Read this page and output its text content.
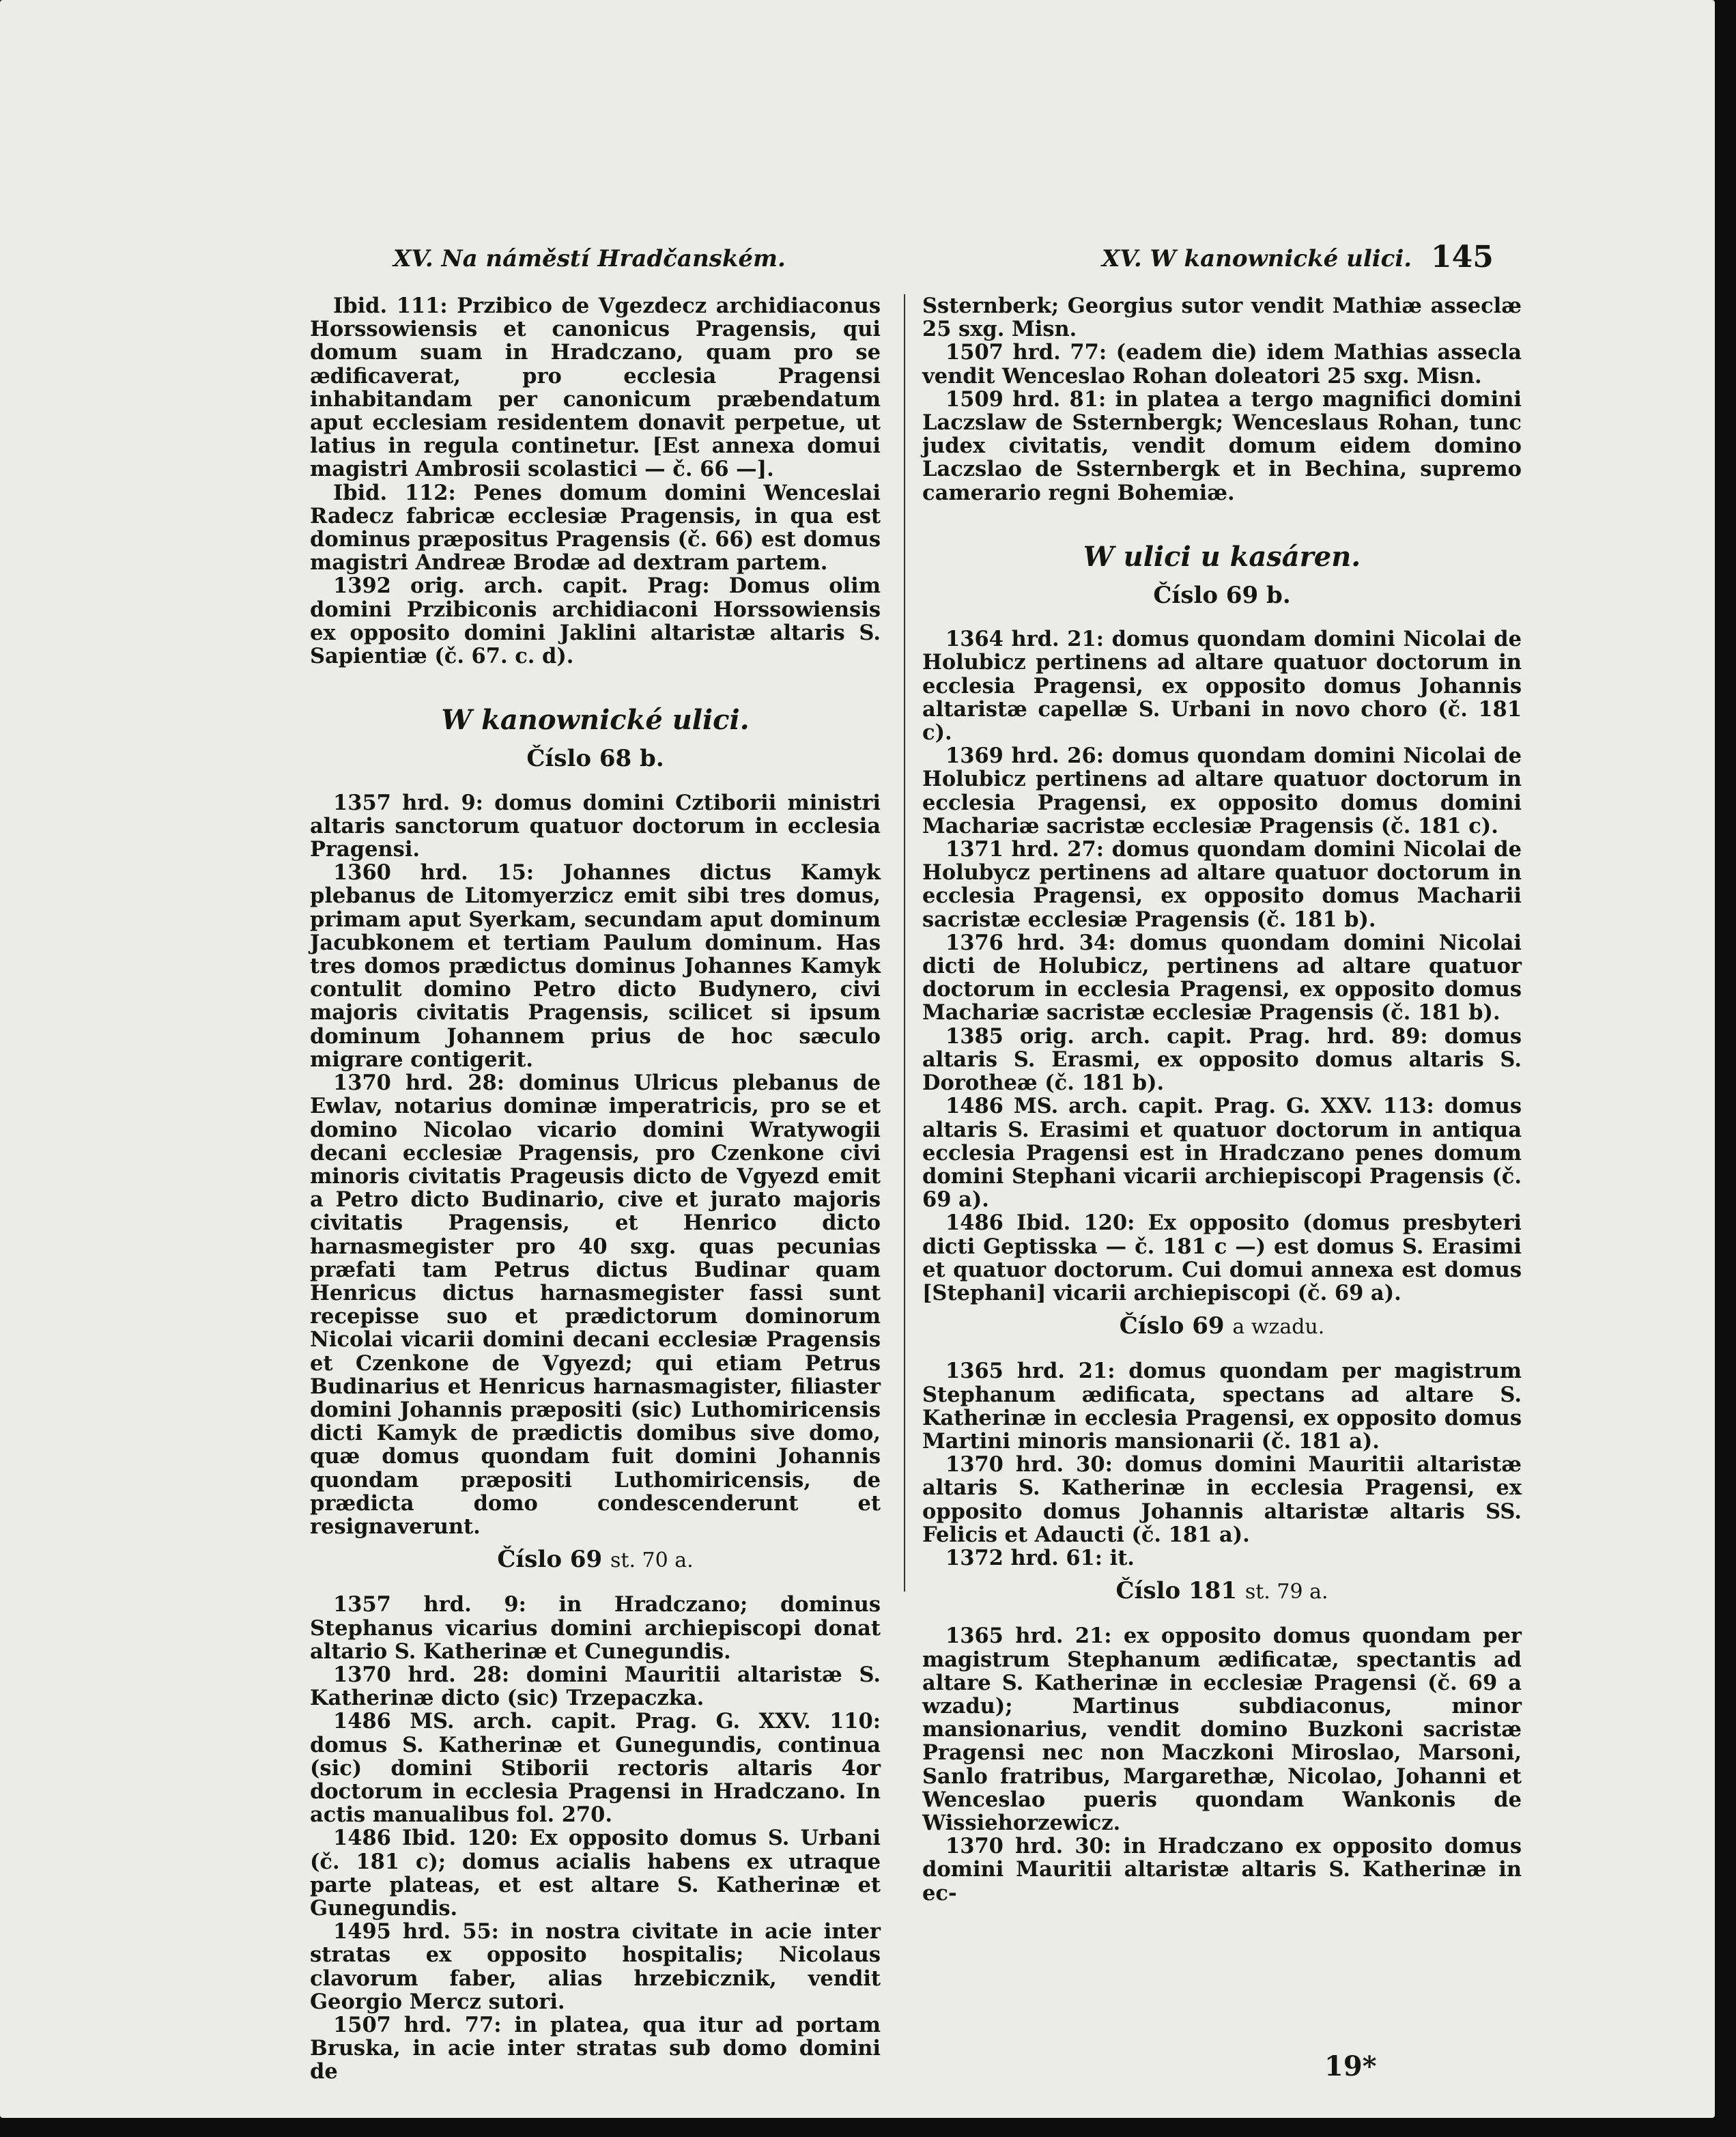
XV. Na náměstí Hradčanském.	XV. W kanownické ulici. 145

Ibid. 111: Przibico de Vgezdecz archidiaconus Horssowiensis et canonicus Pragensis, qui domum suam in Hradczano, quam pro se ædificaverat, pro ecclesia Pragensi inhabitandam per canonicum præbendatum aput ecclesiam residentem donavit perpetue, ut latius in regula continetur. [Est annexa domui magistri Ambrosii scolastici — č. 66 —].

Ibid. 112: Penes domum domini Wenceslai Radecz fabricæ ecclesiæ Pragensis, in qua est dominus præpositus Pragensis (č. 66) est domus magistri Andreæ Brodæ ad dextram partem.

1392 orig. arch. capit. Prag: Domus olim domini Przibiconis archidiaconi Horssowiensis ex opposito domini Jaklini altaristæ altaris S. Sapientiæ (č. 67. c. d).

W kanownické ulici.
Číslo 68 b.

1357 hrd. 9: domus domini Cztiborii ministri altaris sanctorum quatuor doctorum in ecclesia Pragensi.

1360 hrd. 15: Johannes dictus Kamyk plebanus de Litomyerzicz emit sibi tres domus, primam aput Syerkam, secundam aput dominum Jacubkonem et tertiam Paulum dominum. Has tres domos prædictus dominus Johannes Kamyk contulit domino Petro dicto Budynero, civi majoris civitatis Pragensis, scilicet si ipsum dominum Johannem prius de hoc sæculo migrare contigerit.

1370 hrd. 28: dominus Ulricus plebanus de Ewlav, notarius dominæ imperatricis, pro se et domino Nicolao vicario domini Wratywogii decani ecclesiæ Pragensis, pro Czenkone civi minoris civitatis Prageusis dicto de Vgyezd emit a Petro dicto Budinario, cive et jurato majoris civitatis Pragensis, et Henrico dicto harnasmegister pro 40 sxg. quas pecunias præfati tam Petrus dictus Budinar quam Henricus dictus harnasmegister fassi sunt recepisse suo et prædictorum dominorum Nicolai vicarii domini decani ecclesiæ Pragensis et Czenkone de Vgyezd; qui etiam Petrus Budinarius et Henricus harnasmagister, filiaster domini Johannis præpositi (sic) Luthomiricensis dicti Kamyk de prædictis domibus sive domo, quæ domus quondam fuit domini Johannis quondam præpositi Luthomiricensis, de prædicta domo condescenderunt et resignaverunt.

Číslo 69 st. 70 a.

1357 hrd. 9: in Hradczano; dominus Stephanus vicarius domini archiepiscopi donat altario S. Katherinæ et Cunegundis.

1370 hrd. 28: domini Mauritii altaristæ S. Katherinæ dicto (sic) Trzepaczka.

1486 MS. arch. capit. Prag. G. XXV. 110: domus S. Katherinæ et Gunegundis, continua (sic) domini Stiborii rectoris altaris 4or doctorum in ecclesia Pragensi in Hradczano. In actis manualibus fol. 270.

1486 Ibid. 120: Ex opposito domus S. Urbani (č. 181 c); domus acialis habens ex utraque parte plateas, et est altare S. Katherinæ et Gunegundis.

1495 hrd. 55: in nostra civitate in acie inter stratas ex opposito hospitalis; Nicolaus clavorum faber, alias hrzebicznik, vendit Georgio Mercz sutori.

1507 hrd. 77: in platea, qua itur ad portam Bruska, in acie inter stratas sub domo domini de

Ssternberk; Georgius sutor vendit Mathiæ asseclæ 25 sxg. Misn.

1507 hrd. 77: (eadem die) idem Mathias assecla vendit Wenceslao Rohan doleatori 25 sxg. Misn.

1509 hrd. 81: in platea a tergo magnifici domini Laczslaw de Ssternbergk; Wenceslaus Rohan, tunc judex civitatis, vendit domum eidem domino Laczslao de Ssternbergk et in Bechina, supremo camerario regni Bohemiæ.

W ulici u kasáren.
Číslo 69 b.

1364 hrd. 21: domus quondam domini Nicolai de Holubicz pertinens ad altare quatuor doctorum in ecclesia Pragensi, ex opposito domus Johannis altaristæ capellæ S. Urbani in novo choro (č. 181 c).

1369 hrd. 26: domus quondam domini Nicolai de Holubicz pertinens ad altare quatuor doctorum in ecclesia Pragensi, ex opposito domus domini Machariæ sacristæ ecclesiæ Pragensis (č. 181 c).

1371 hrd. 27: domus quondam domini Nicolai de Holubycz pertinens ad altare quatuor doctorum in ecclesia Pragensi, ex opposito domus Macharii sacristæ ecclesiæ Pragensis (č. 181 b).

1376 hrd. 34: domus quondam domini Nicolai dicti de Holubicz, pertinens ad altare quatuor doctorum in ecclesia Pragensi, ex opposito domus Machariæ sacristæ ecclesiæ Pragensis (č. 181 b).

1385 orig. arch. capit. Prag. hrd. 89: domus altaris S. Erasmi, ex opposito domus altaris S. Dorotheæ (č. 181 b).

1486 MS. arch. capit. Prag. G. XXV. 113: domus altaris S. Erasimi et quatuor doctorum in antiqua ecclesia Pragensi est in Hradczano penes domum domini Stephani vicarii archiepiscopi Pragensis (č. 69 a).

1486 Ibid. 120: Ex opposito (domus presbyteri dicti Geptisska — č. 181 c —) est domus S. Erasimi et quatuor doctorum. Cui domui annexa est domus [Stephani] vicarii archiepiscopi (č. 69 a).

Číslo 69 a wzadu.

1365 hrd. 21: domus quondam per magistrum Stephanum ædificata, spectans ad altare S. Katherinæ in ecclesia Pragensi, ex opposito domus Martini minoris mansionarii (č. 181 a).

1370 hrd. 30: domus domini Mauritii altaristæ altaris S. Katherinæ in ecclesia Pragensi, ex opposito domus Johannis altaristæ altaris SS. Felicis et Adaucti (č. 181 a).

1372 hrd. 61: it.

Číslo 181 st. 79 a.

1365 hrd. 21: ex opposito domus quondam per magistrum Stephanum ædificatæ, spectantis ad altare S. Katherinæ in ecclesiæ Pragensi (č. 69 a wzadu); Martinus subdiaconus, minor mansionarius, vendit domino Buzkoni sacristæ Pragensi nec non Maczkoni Miroslao, Marsoni, Sanlo fratribus, Margarethæ, Nicolao, Johanni et Wenceslao pueris quondam Wankonis de Wissiehorzewicz.

1370 hrd. 30: in Hradczano ex opposito domus domini Mauritii altaristæ altaris S. Katherinæ in ec-

19*
